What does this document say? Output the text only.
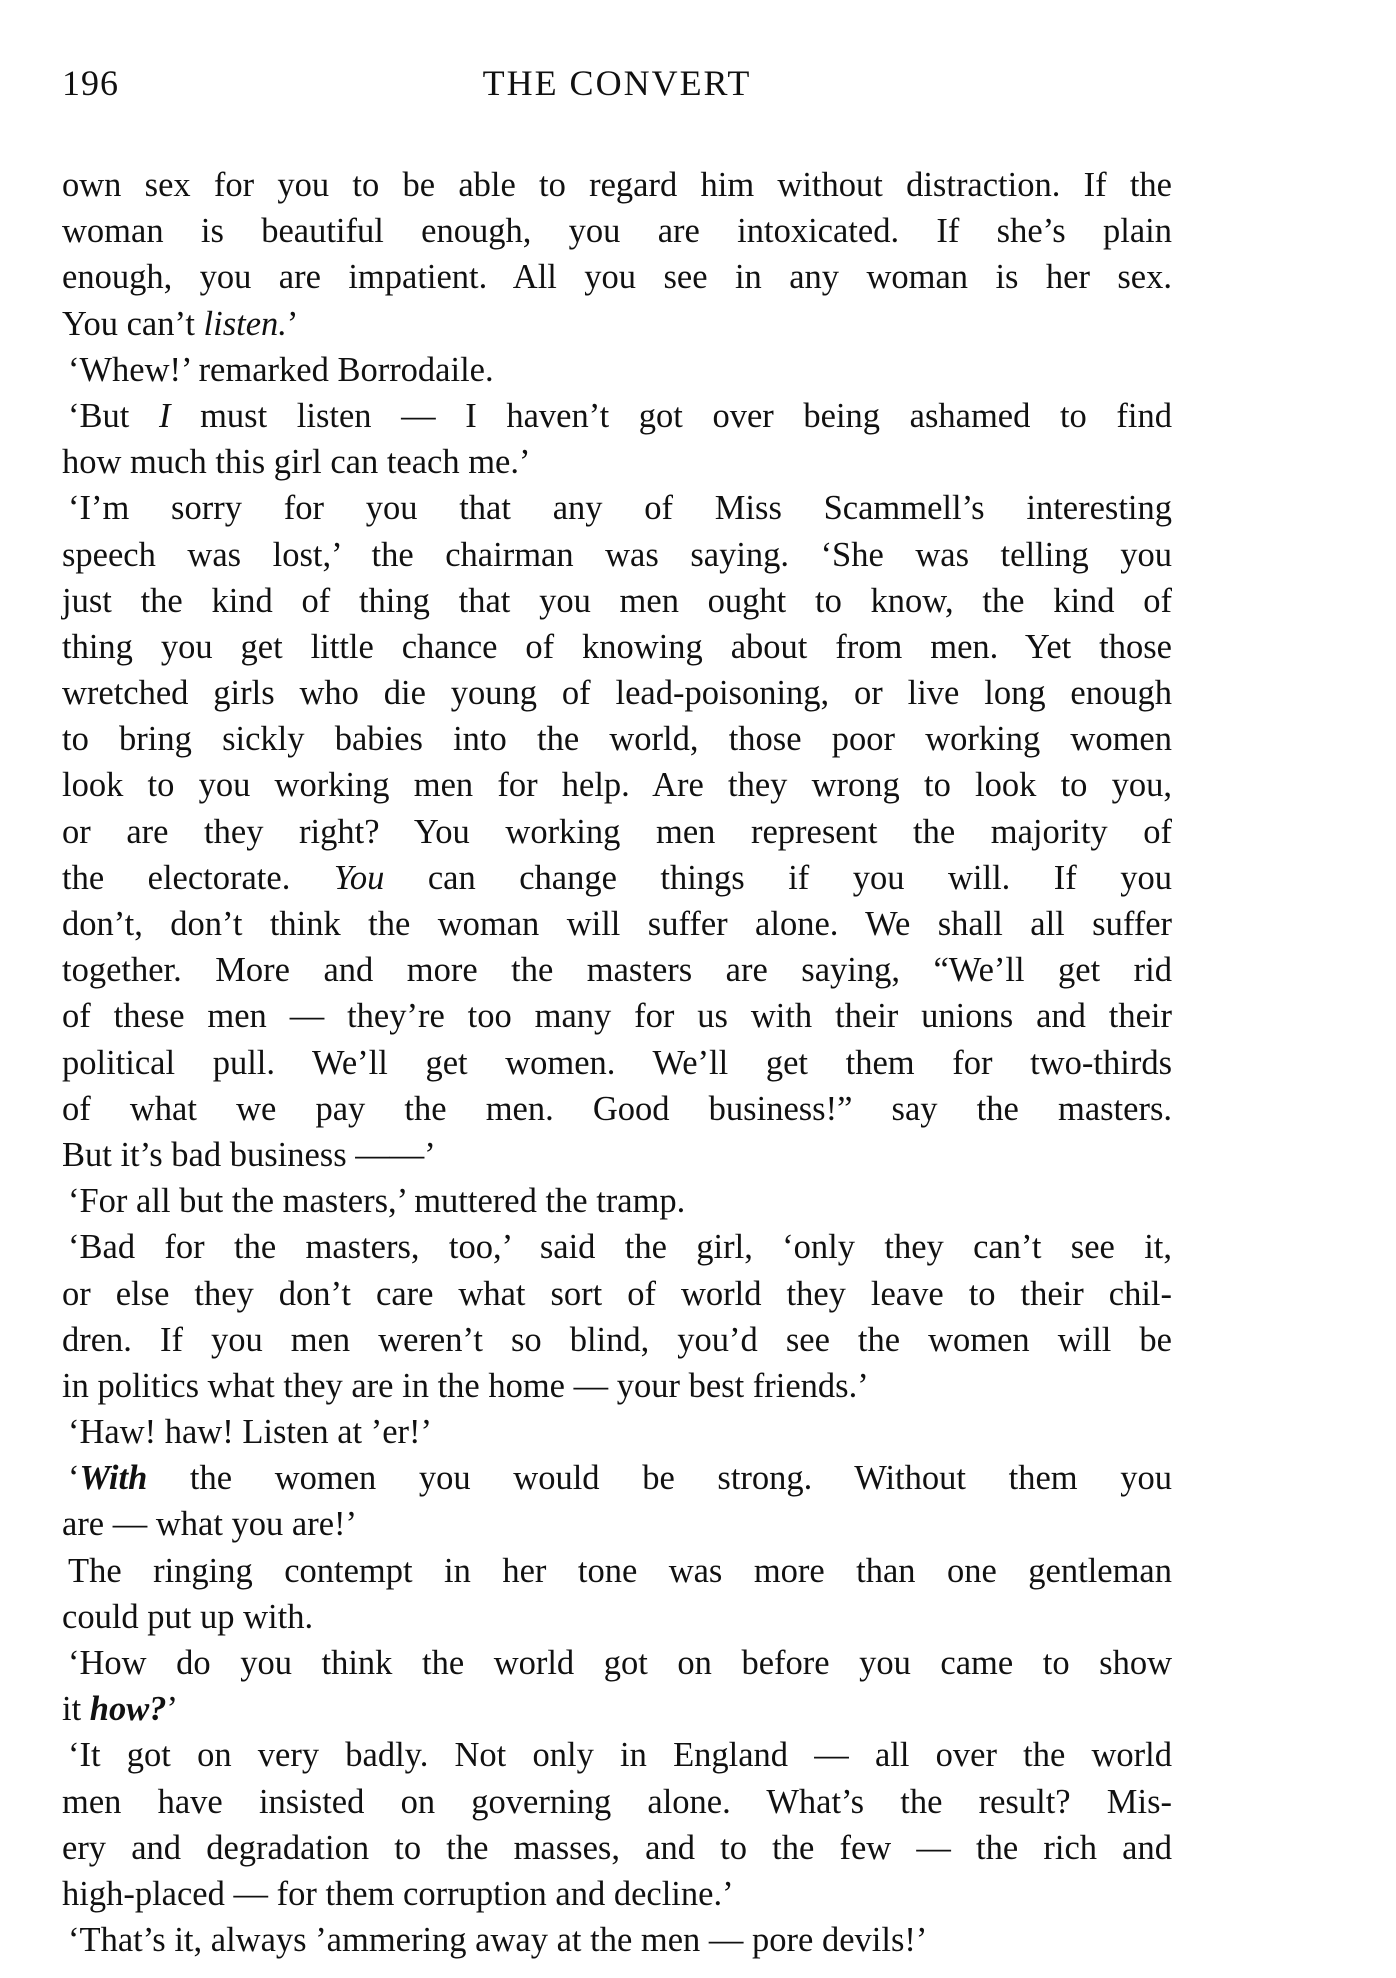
196	THE CONVERT
own sex for you to be able to regard him without distraction. If the
woman is beautiful enough, you are intoxicated. If she’s plain
enough, you are impatient. All you see in any woman is her sex.
You can’t listen.’
‘Whew!’ remarked Borrodaile.
‘But I must listen — I haven’t got over being ashamed to find
how much this girl can teach me.’
‘I’m sorry for you that any of Miss Scammell’s interesting
speech was lost,’ the chairman was saying. ‘She was telling you
just the kind of thing that you men ought to know, the kind of
thing you get little chance of knowing about from men. Yet those
wretched girls who die young of lead-poisoning, or live long enough
to bring sickly babies into the world, those poor working women
look to you working men for help. Are they wrong to look to you,
or are they right? You working men represent the majority of
the electorate. You can change things if you will. If you
don’t, don’t think the woman will suffer alone. We shall all suffer
together. More and more the masters are saying, “We’ll get rid
of these men — they’re too many for us with their unions and their
political pull. We’ll get women. We’ll get them for two-thirds
of what we pay the men. Good business!” say the masters.
But it’s bad business ——’
‘For all but the masters,’ muttered the tramp.
‘Bad for the masters, too,’ said the girl, ‘only they can’t see it,
or else they don’t care what sort of world they leave to their chil-
dren. If you men weren’t so blind, you’d see the women will be
in politics what they are in the home — your best friends.’
‘Haw! haw! Listen at ’er!’
‘With the women you would be strong. Without them you
are — what you are!’
The ringing contempt in her tone was more than one gentleman
could put up with.
‘How do you think the world got on before you came to show
it how?’
‘It got on very badly. Not only in England — all over the world
men have insisted on governing alone. What’s the result? Mis-
ery and degradation to the masses, and to the few — the rich and
high-placed — for them corruption and decline.’
‘That’s it, always ’ammering away at the men — pore devils!’
